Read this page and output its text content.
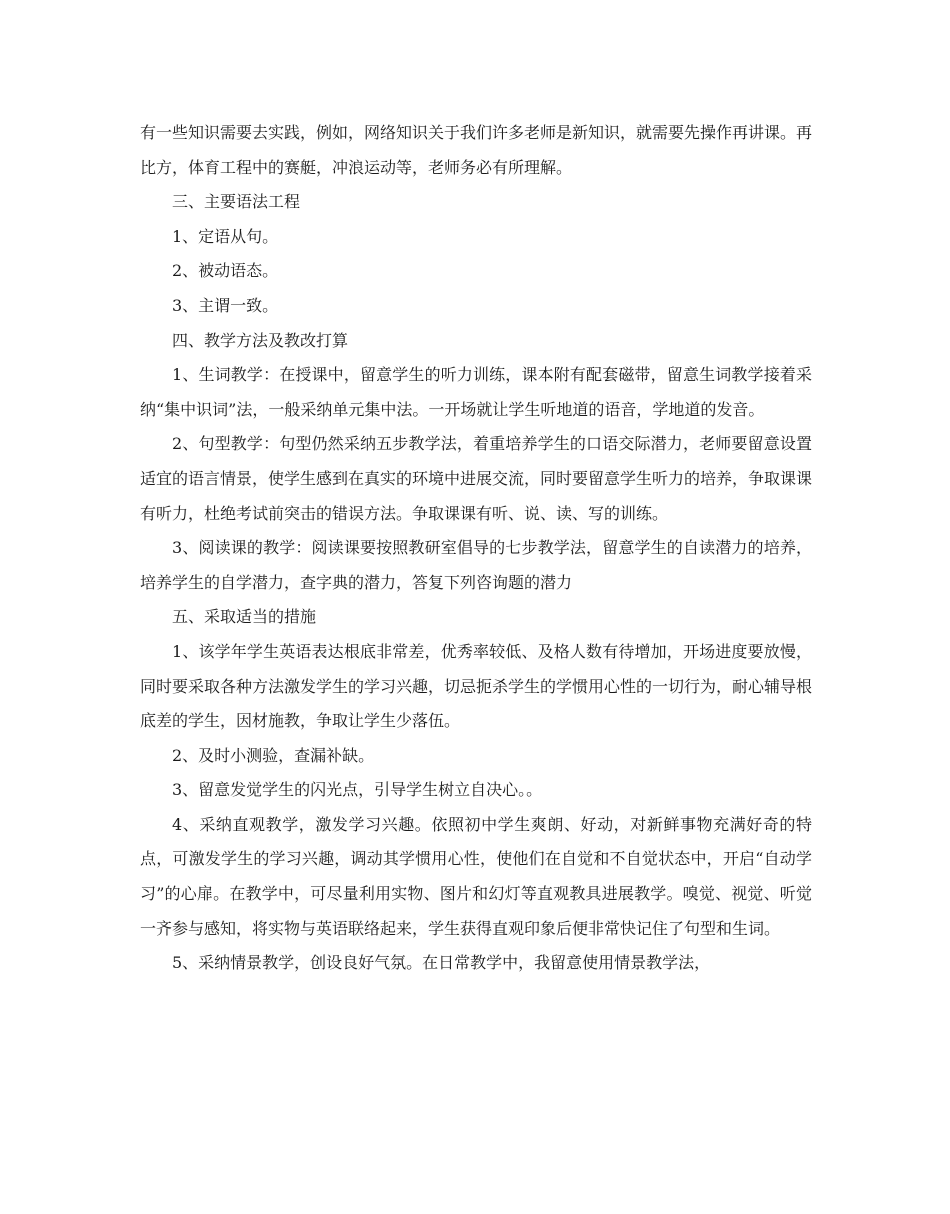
有一些知识需要去实践，例如，网络知识关于我们许多老师是新知识，就需要先操作再讲课。再比方，体育工程中的赛艇，冲浪运动等，老师务必有所理解。

三、主要语法工程

1、定语从句。

2、被动语态。

3、主谓一致。

四、教学方法及教改打算

1、生词教学：在授课中，留意学生的听力训练，课本附有配套磁带，留意生词教学接着采纳“集中识词”法，一般采纳单元集中法。一开场就让学生听地道的语音，学地道的发音。

2、句型教学：句型仍然采纳五步教学法，着重培养学生的口语交际潜力，老师要留意设置适宜的语言情景，使学生感到在真实的环境中进展交流，同时要留意学生听力的培养，争取课课有听力，杜绝考试前突击的错误方法。争取课课有听、说、读、写的训练。

3、阅读课的教学：阅读课要按照教研室倡导的七步教学法，留意学生的自读潜力的培养，培养学生的自学潜力，查字典的潜力，答复下列咨询题的潜力

五、采取适当的措施

1、该学年学生英语表达根底非常差，优秀率较低、及格人数有待增加，开场进度要放慢，同时要采取各种方法激发学生的学习兴趣，切忌扼杀学生的学惯用心性的一切行为，耐心辅导根底差的学生，因材施教，争取让学生少落伍。

2、及时小测验，查漏补缺。

3、留意发觉学生的闪光点，引导学生树立自决心。。

4、采纳直观教学，激发学习兴趣。依照初中学生爽朗、好动，对新鲜事物充满好奇的特点，可激发学生的学习兴趣，调动其学惯用心性，使他们在自觉和不自觉状态中，开启“自动学习”的心扉。在教学中，可尽量利用实物、图片和幻灯等直观教具进展教学。嗅觉、视觉、听觉一齐参与感知，将实物与英语联络起来，学生获得直观印象后便非常快记住了句型和生词。

5、采纳情景教学，创设良好气氛。在日常教学中，我留意使用情景教学法，
